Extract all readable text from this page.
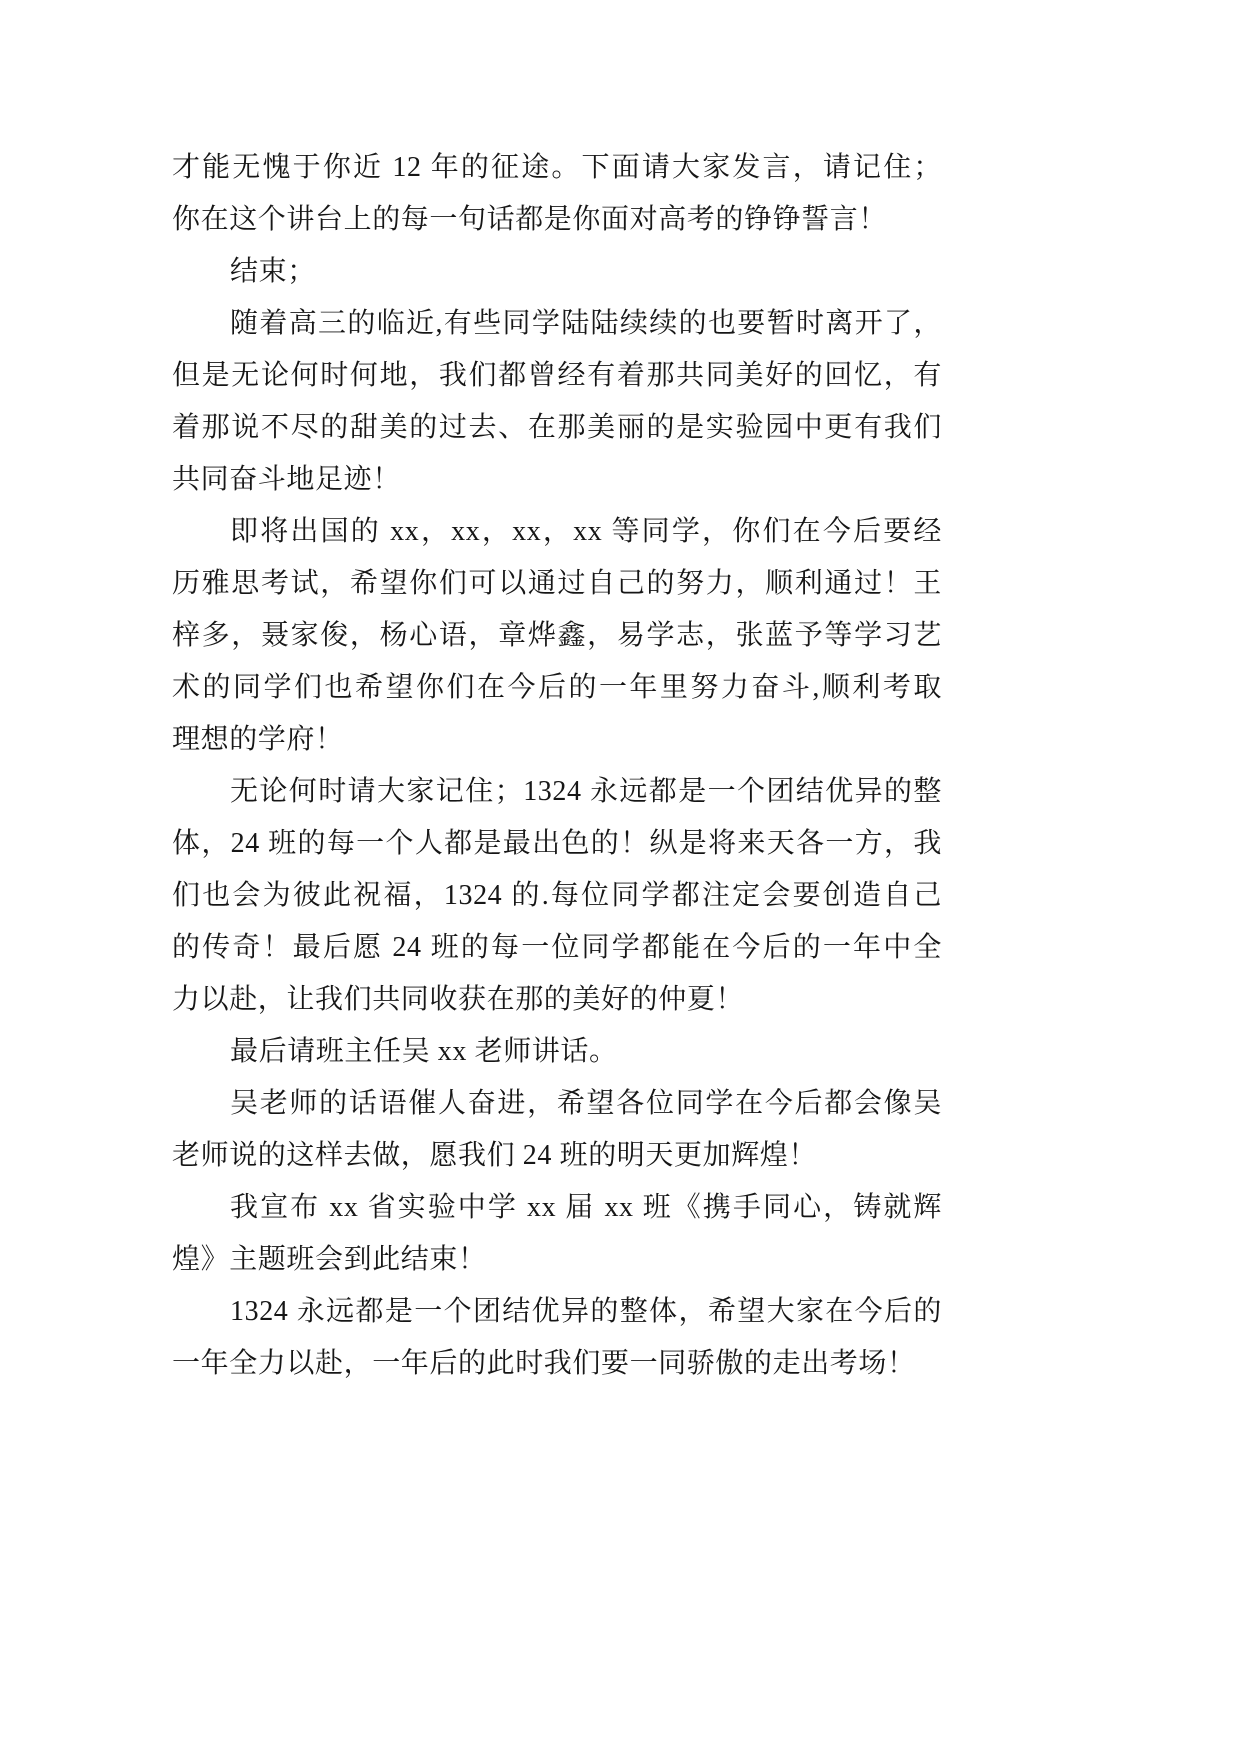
才能无愧于你近 12 年的征途。下面请大家发言，请记住；
你在这个讲台上的每一句话都是你面对高考的铮铮誓言！
结束；
随着高三的临近,有些同学陆陆续续的也要暂时离开了，
但是无论何时何地，我们都曾经有着那共同美好的回忆，有
着那说不尽的甜美的过去、在那美丽的是实验园中更有我们
共同奋斗地足迹！
即将出国的 xx，xx，xx，xx 等同学，你们在今后要经
历雅思考试，希望你们可以通过自己的努力，顺利通过！王
梓多，聂家俊，杨心语，章烨鑫，易学志，张蓝予等学习艺
术的同学们也希望你们在今后的一年里努力奋斗,顺利考取
理想的学府！
无论何时请大家记住；1324 永远都是一个团结优异的整
体，24 班的每一个人都是最出色的！纵是将来天各一方，我
们也会为彼此祝福，1324 的.每位同学都注定会要创造自己
的传奇！最后愿 24 班的每一位同学都能在今后的一年中全
力以赴，让我们共同收获在那的美好的仲夏！
最后请班主任吴 xx 老师讲话。
吴老师的话语催人奋进，希望各位同学在今后都会像吴
老师说的这样去做，愿我们 24 班的明天更加辉煌！
我宣布 xx 省实验中学 xx 届 xx 班《携手同心，铸就辉
煌》主题班会到此结束！
1324 永远都是一个团结优异的整体，希望大家在今后的
一年全力以赴，一年后的此时我们要一同骄傲的走出考场！
